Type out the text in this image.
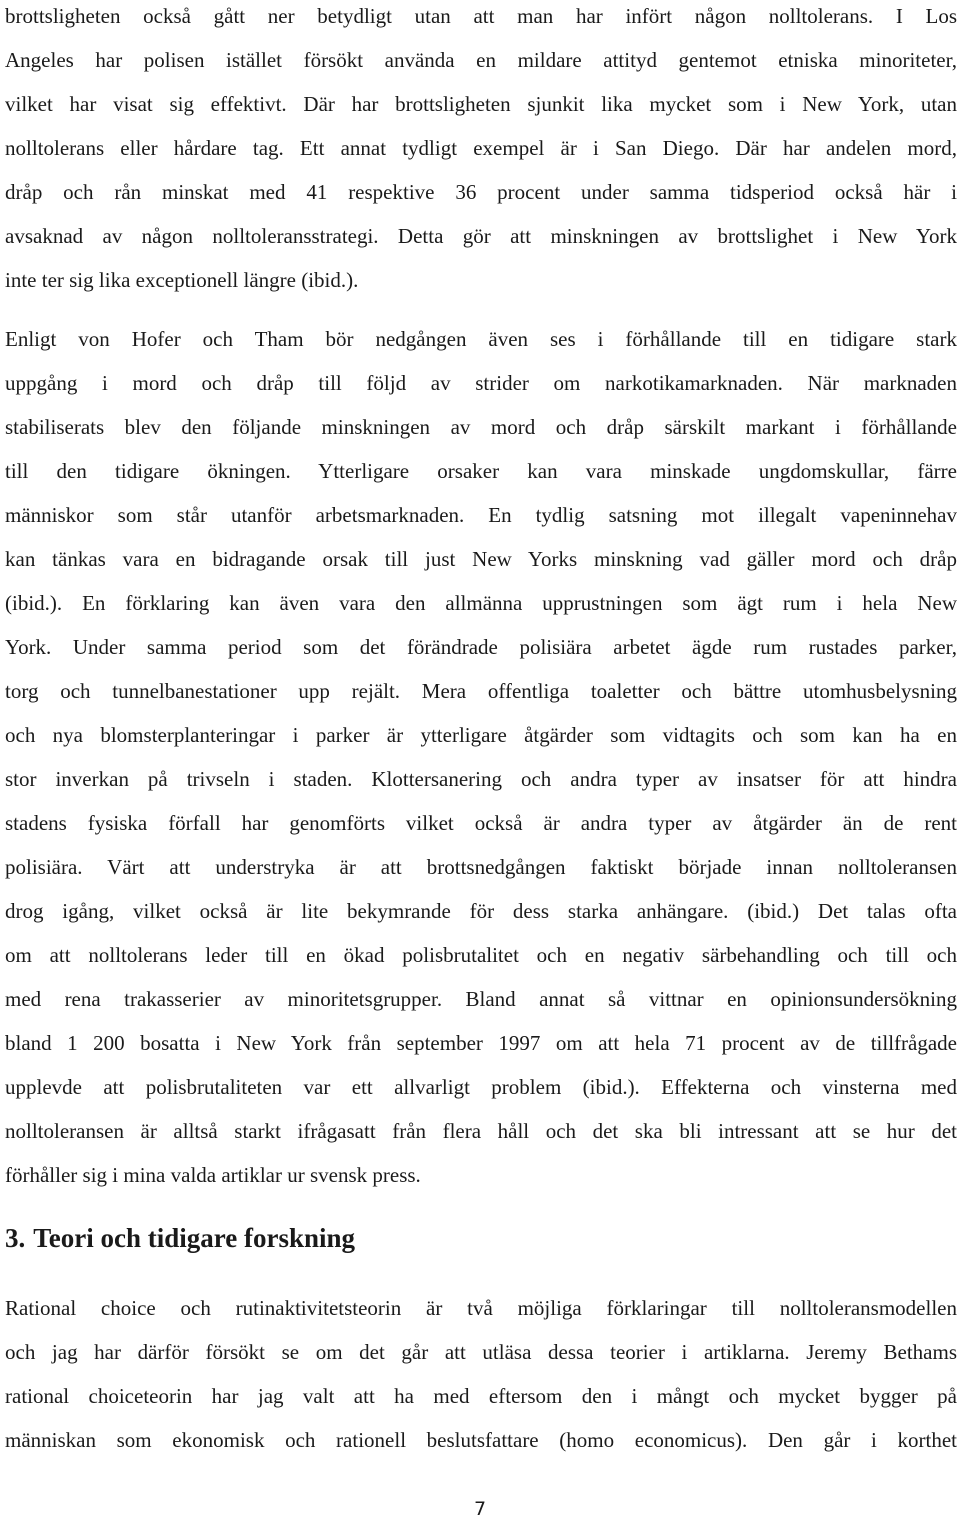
brottsligheten också gått ner betydligt utan att man har infört någon nolltolerans. I Los
Angeles har polisen istället försökt använda en mildare attityd gentemot etniska minoriteter,
vilket har visat sig effektivt. Där har brottsligheten sjunkit lika mycket som i New York, utan
nolltolerans eller hårdare tag. Ett annat tydligt exempel är i San Diego. Där har andelen mord,
dråp och rån minskat med 41 respektive 36 procent under samma tidsperiod också här i
avsaknad av någon nolltoleransstrategi. Detta gör att minskningen av brottslighet i New York
inte ter sig lika exceptionell längre (ibid.).
Enligt von Hofer och Tham bör nedgången även ses i förhållande till en tidigare stark
uppgång i mord och dråp till följd av strider om narkotikamarknaden. När marknaden
stabiliserats blev den följande minskningen av mord och dråp särskilt markant i förhållande
till den tidigare ökningen. Ytterligare orsaker kan vara minskade ungdomskullar, färre
människor som står utanför arbetsmarknaden. En tydlig satsning mot illegalt vapeninnehav
kan tänkas vara en bidragande orsak till just New Yorks minskning vad gäller mord och dråp
(ibid.). En förklaring kan även vara den allmänna upprustningen som ägt rum i hela New
York. Under samma period som det förändrade polisiära arbetet ägde rum rustades parker,
torg och tunnelbanestationer upp rejält. Mera offentliga toaletter och bättre utomhusbelysning
och nya blomsterplanteringar i parker är ytterligare åtgärder som vidtagits och som kan ha en
stor inverkan på trivseln i staden. Klottersanering och andra typer av insatser för att hindra
stadens fysiska förfall har genomförts vilket också är andra typer av åtgärder än de rent
polisiära. Värt att understryka är att brottsnedgången faktiskt började innan nolltoleransen
drog igång, vilket också är lite bekymrande för dess starka anhängare. (ibid.) Det talas ofta
om att nolltolerans leder till en ökad polisbrutalitet och en negativ särbehandling och till och
med rena trakasserier av minoritetsgrupper. Bland annat så vittnar en opinionsundersökning
bland 1 200 bosatta i New York från september 1997 om att hela 71 procent av de tillfrågade
upplevde att polisbrutaliteten var ett allvarligt problem (ibid.). Effekterna och vinsterna med
nolltoleransen är alltså starkt ifrågasatt från flera håll och det ska bli intressant att se hur det
förhåller sig i mina valda artiklar ur svensk press.
3. Teori och tidigare forskning
Rational choice och rutinaktivitetsteorin är två möjliga förklaringar till nolltoleransmodellen
och jag har därför försökt se om det går att utläsa dessa teorier i artiklarna. Jeremy Bethams
rational choiceteorin har jag valt att ha med eftersom den i mångt och mycket bygger på
människan som ekonomisk och rationell beslutsfattare (homo economicus). Den går i korthet
7
